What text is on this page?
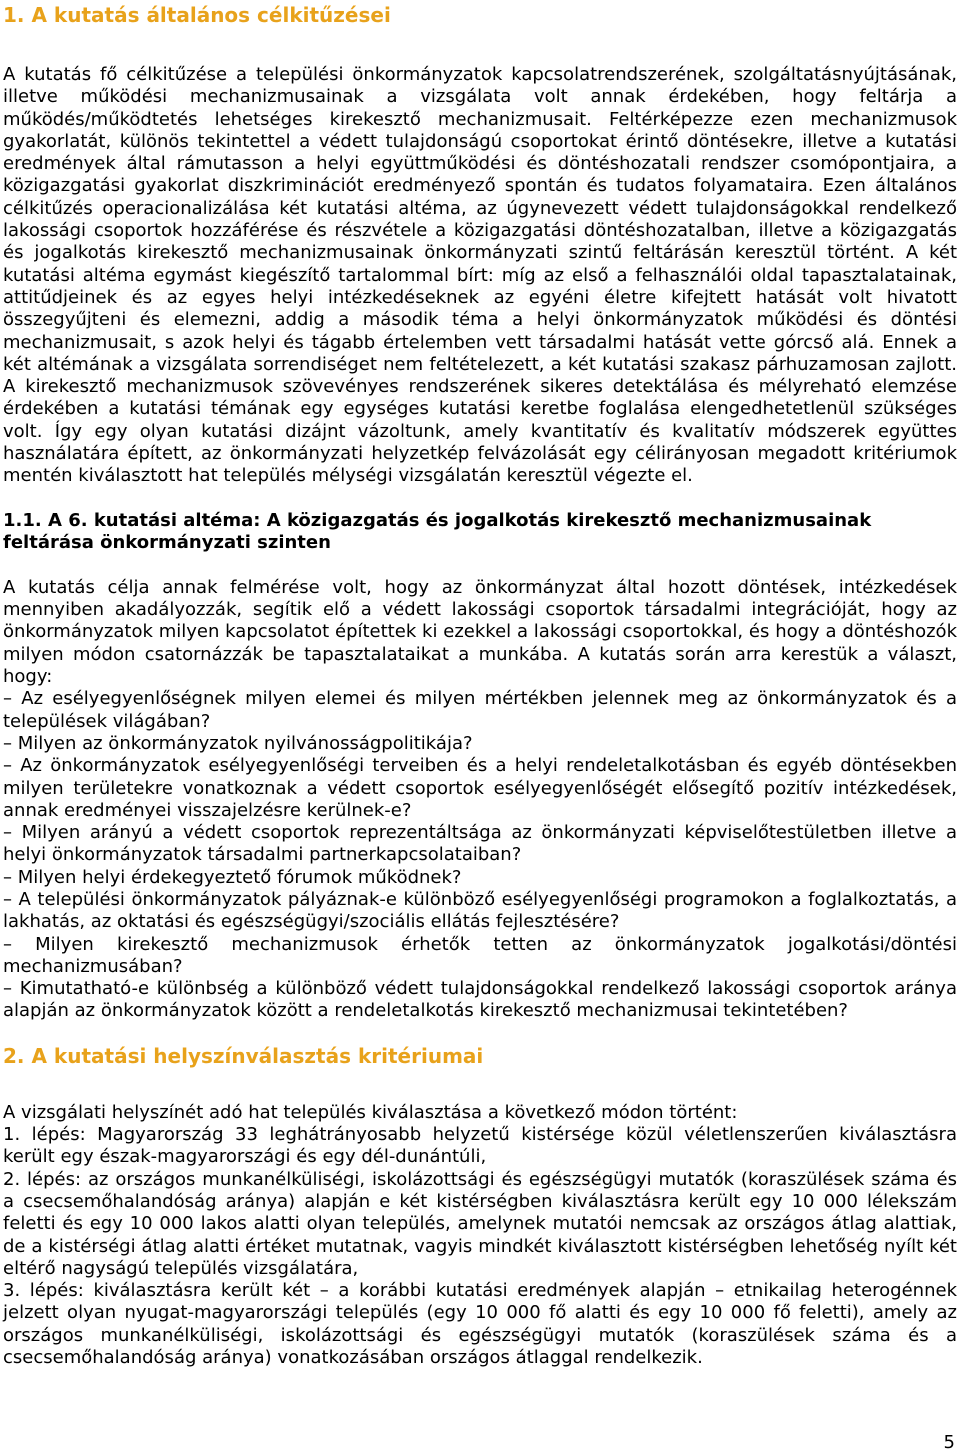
1. A kutatás általános célkitűzései

A kutatás fő célkitűzése a települési önkormányzatok kapcsolatrendszerének, szolgáltatásnyújtásának, illetve működési mechanizmusainak a vizsgálata volt annak érdekében, hogy feltárja a működés/működtetés lehetséges kirekesztő mechanizmusait. Feltérképezze ezen mechanizmusok gyakorlatát, különös tekintettel a védett tulajdonságú csoportokat érintő döntésekre, illetve a kutatási eredmények által rámutasson a helyi együttműködési és döntéshozatali rendszer csomópontjaira, a közigazgatási gyakorlat diszkriminációt eredményező spontán és tudatos folyamataira. Ezen általános célkitűzés operacionalizálása két kutatási altéma, az úgynevezett védett tulajdonságokkal rendelkező lakossági csoportok hozzáférése és részvétele a közigazgatási döntéshozatalban, illetve a közigazgatás és jogalkotás kirekesztő mechanizmusainak önkormányzati szintű feltárásán keresztül történt. A két kutatási altéma egymást kiegészítő tartalommal bírt: míg az első a felhasználói oldal tapasztalatainak, attitűdjeinek és az egyes helyi intézkedéseknek az egyéni életre kifejtett hatását volt hivatott összegyűjteni és elemezni, addig a második téma a helyi önkormányzatok működési és döntési mechanizmusait, s azok helyi és tágabb értelemben vett társadalmi hatását vette górcső alá. Ennek a két altémának a vizsgálata sorrendiséget nem feltételezett, a két kutatási szakasz párhuzamosan zajlott. A kirekesztő mechanizmusok szövevényes rendszerének sikeres detektálása és mélyreható elemzése érdekében a kutatási témának egy egységes kutatási keretbe foglalása elengedhetetlenül szükséges volt. Így egy olyan kutatási dizájnt vázoltunk, amely kvantitatív és kvalitatív módszerek együttes használatára épített, az önkormányzati helyzetkép felvázolását egy célirányosan megadott kritériumok mentén kiválasztott hat település mélységi vizsgálatán keresztül végezte el.

1.1. A 6. kutatási altéma: A közigazgatás és jogalkotás kirekesztő mechanizmusainak feltárása önkormányzati szinten

A kutatás célja annak felmérése volt, hogy az önkormányzat által hozott döntések, intézkedések mennyiben akadályozzák, segítik elő a védett lakossági csoportok társadalmi integrációját, hogy az önkormányzatok milyen kapcsolatot építettek ki ezekkel a lakossági csoportokkal, és hogy a döntéshozók milyen módon csatornázzák be tapasztalataikat a munkába. A kutatás során arra kerestük a választ, hogy:

– Az esélyegyenlőségnek milyen elemei és milyen mértékben jelennek meg az önkormányzatok és a települések világában?
– Milyen az önkormányzatok nyilvánosságpolitikája?
– Az önkormányzatok esélyegyenlőségi terveiben és a helyi rendeletalkotásban és egyéb döntésekben milyen területekre vonatkoznak a védett csoportok esélyegyenlőségét elősegítő pozitív intézkedések, annak eredményei visszajelzésre kerülnek-e?
– Milyen arányú a védett csoportok reprezentáltsága az önkormányzati képviselőtestületben illetve a helyi önkormányzatok társadalmi partnerkapcsolataiban?
– Milyen helyi érdekegyeztető fórumok működnek?
– A települési önkormányzatok pályáznak-e különböző esélyegyenlőségi programokon a foglalkoztatás, a lakhatás, az oktatási és egészségügyi/szociális ellátás fejlesztésére?
– Milyen kirekesztő mechanizmusok érhetők tetten az önkormányzatok jogalkotási/döntési mechanizmusában?
– Kimutatható-e különbség a különböző védett tulajdonságokkal rendelkező lakossági csoportok aránya alapján az önkormányzatok között a rendeletalkotás kirekesztő mechanizmusai tekintetében?
2. A kutatási helyszínválasztás kritériumai

A vizsgálati helyszínét adó hat település kiválasztása a következő módon történt:

1. lépés: Magyarország 33 leghátrányosabb helyzetű kistérsége közül véletlenszerűen kiválasztásra került egy észak-magyarországi és egy dél-dunántúli,

2. lépés: az országos munkanélküliségi, iskolázottsági és egészségügyi mutatók (koraszülések száma és a csecsemőhalandóság aránya) alapján e két kistérségben kiválasztásra került egy 10 000 lélekszám feletti és egy 10 000 lakos alatti olyan település, amelynek mutatói nemcsak az országos átlag alattiak, de a kistérségi átlag alatti értéket mutatnak, vagyis mindkét kiválasztott kistérségben lehetőség nyílt két eltérő nagyságú település vizsgálatára,

3. lépés: kiválasztásra került két – a korábbi kutatási eredmények alapján – etnikailag heterogénnek jelzett olyan nyugat-magyarországi település (egy 10 000 fő alatti és egy 10 000 fő feletti), amely az országos munkanélküliségi, iskolázottsági és egészségügyi mutatók (koraszülések száma és a csecsemőhalandóság aránya) vonatkozásában országos átlaggal rendelkezik.

5
